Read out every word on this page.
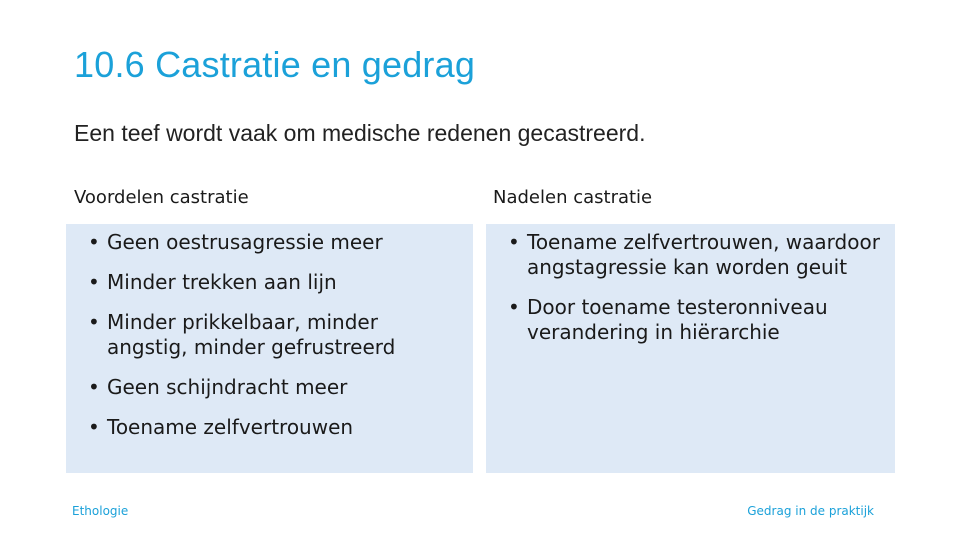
10.6 Castratie en gedrag
Een teef wordt vaak om medische redenen gecastreerd.
Voordelen castratie	Nadelen castratie
• Geen oestrusagressie meer
• Minder trekken aan lijn
• Minder prikkelbaar, minder angstig, minder gefrustreerd
• Geen schijndracht meer
• Toename zelfvertrouwen
• Toename zelfvertrouwen, waardoor angstagressie kan worden geuit
• Door toename testeronniveau verandering in hiërarchie
Ethologie	Gedrag in de praktijk
